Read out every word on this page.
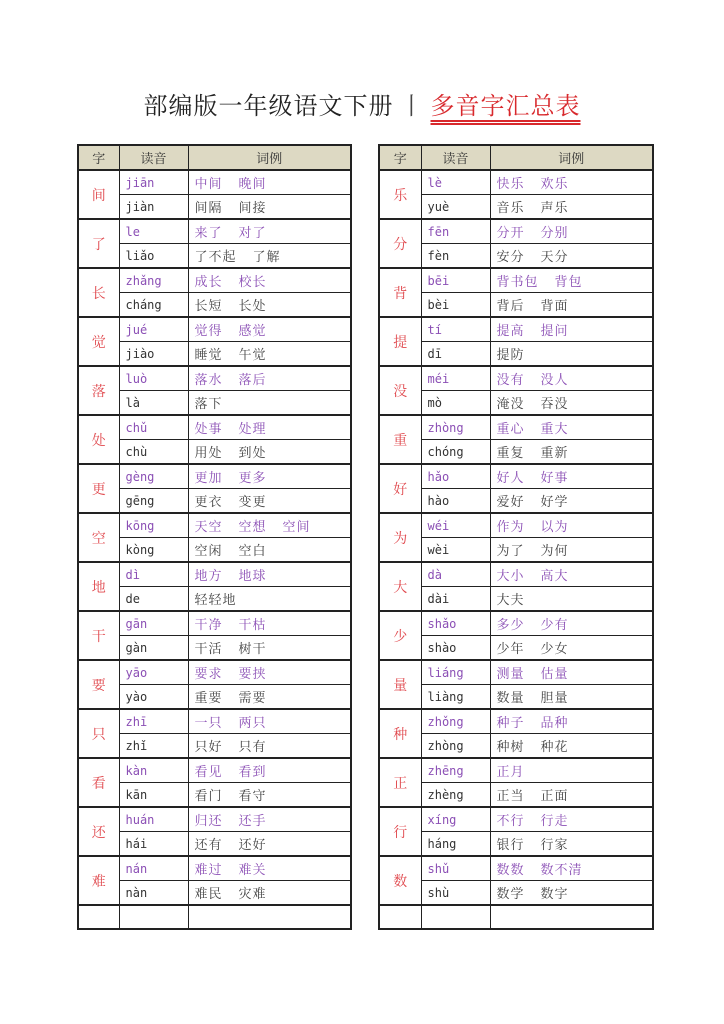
部编版一年级语文下册 丨 多音字汇总表
字	读音	词例
间	jiān	中间 晚间
	jiàn	间隔 间接
了	le	来了 对了
	liǎo	了不起 了解
长	zhǎng	成长 校长
	cháng	长短 长处
觉	jué	觉得 感觉
	jiào	睡觉 午觉
落	luò	落水 落后
	là	落下
处	chǔ	处事 处理
	chù	用处 到处
更	gèng	更加 更多
	gēng	更衣 变更
空	kōng	天空 空想 空间
	kòng	空闲 空白
地	dì	地方 地球
	de	轻轻地
干	gān	干净 干枯
	gàn	干活 树干
要	yāo	要求 要挟
	yào	重要 需要
只	zhī	一只 两只
	zhǐ	只好 只有
看	kàn	看见 看到
	kān	看门 看守
还	huán	归还 还手
	hái	还有 还好
难	nán	难过 难关
	nàn	难民 灾难

字	读音	词例
乐	lè	快乐 欢乐
	yuè	音乐 声乐
分	fēn	分开 分别
	fèn	安分 天分
背	bēi	背书包 背包
	bèi	背后 背面
提	tí	提高 提问
	dī	提防
没	méi	没有 没人
	mò	淹没 吞没
重	zhòng	重心 重大
	chóng	重复 重新
好	hǎo	好人 好事
	hào	爱好 好学
为	wéi	作为 以为
	wèi	为了 为何
大	dà	大小 高大
	dài	大夫
少	shǎo	多少 少有
	shào	少年 少女
量	liáng	测量 估量
	liàng	数量 胆量
种	zhǒng	种子 品种
	zhòng	种树 种花
正	zhēng	正月
	zhèng	正当 正面
行	xíng	不行 行走
	háng	银行 行家
数	shǔ	数数 数不清
	shù	数学 数字
